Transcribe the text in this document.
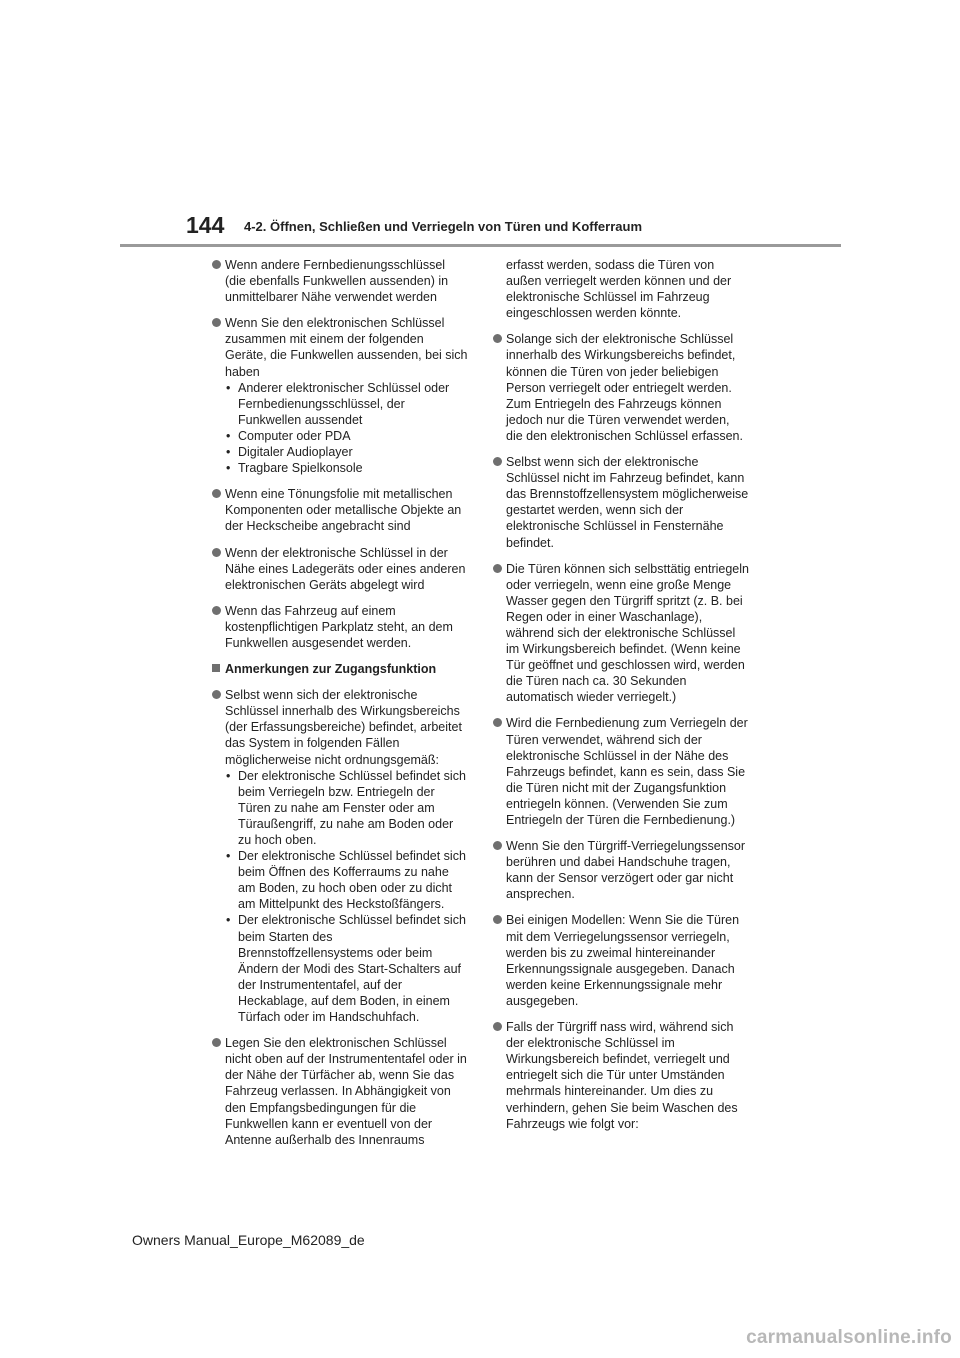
144 4-2. Öffnen, Schließen und Verriegeln von Türen und Kofferraum
Wenn andere Fernbedienungsschlüssel (die ebenfalls Funkwellen aussenden) in unmittelbarer Nähe verwendet werden
Wenn Sie den elektronischen Schlüssel zusammen mit einem der folgenden Geräte, die Funkwellen aussenden, bei sich haben
• Anderer elektronischer Schlüssel oder Fernbedienungsschlüssel, der Funkwellen aussendet
• Computer oder PDA
• Digitaler Audioplayer
• Tragbare Spielkonsole
Wenn eine Tönungsfolie mit metallischen Komponenten oder metallische Objekte an der Heckscheibe angebracht sind
Wenn der elektronische Schlüssel in der Nähe eines Ladegeräts oder eines anderen elektronischen Geräts abgelegt wird
Wenn das Fahrzeug auf einem kostenpflichtigen Parkplatz steht, an dem Funkwellen ausgesendet werden.
Anmerkungen zur Zugangsfunktion
Selbst wenn sich der elektronische Schlüssel innerhalb des Wirkungsbereichs (der Erfassungsbereiche) befindet, arbeitet das System in folgenden Fällen möglicherweise nicht ordnungsgemäß:
• Der elektronische Schlüssel befindet sich beim Verriegeln bzw. Entriegeln der Türen zu nahe am Fenster oder am Türaußengriff, zu nahe am Boden oder zu hoch oben.
• Der elektronische Schlüssel befindet sich beim Öffnen des Kofferraums zu nahe am Boden, zu hoch oben oder zu dicht am Mittelpunkt des Heckstoßfängers.
• Der elektronische Schlüssel befindet sich beim Starten des Brennstoffzellensystems oder beim Ändern der Modi des Start-Schalters auf der Instrumententafel, auf der Heckablage, auf dem Boden, in einem Türfach oder im Handschuhfach.
Legen Sie den elektronischen Schlüssel nicht oben auf der Instrumententafel oder in der Nähe der Türfächer ab, wenn Sie das Fahrzeug verlassen. In Abhängigkeit von den Empfangsbedingungen für die Funkwellen kann er eventuell von der Antenne außerhalb des Innenraums
erfasst werden, sodass die Türen von außen verriegelt werden können und der elektronische Schlüssel im Fahrzeug eingeschlossen werden könnte.
Solange sich der elektronische Schlüssel innerhalb des Wirkungsbereichs befindet, können die Türen von jeder beliebigen Person verriegelt oder entriegelt werden. Zum Entriegeln des Fahrzeugs können jedoch nur die Türen verwendet werden, die den elektronischen Schlüssel erfassen.
Selbst wenn sich der elektronische Schlüssel nicht im Fahrzeug befindet, kann das Brennstoffzellensystem möglicherweise gestartet werden, wenn sich der elektronische Schlüssel in Fensternähe befindet.
Die Türen können sich selbsttätig entriegeln oder verriegeln, wenn eine große Menge Wasser gegen den Türgriff spritzt (z. B. bei Regen oder in einer Waschanlage), während sich der elektronische Schlüssel im Wirkungsbereich befindet. (Wenn keine Tür geöffnet und geschlossen wird, werden die Türen nach ca. 30 Sekunden automatisch wieder verriegelt.)
Wird die Fernbedienung zum Verriegeln der Türen verwendet, während sich der elektronische Schlüssel in der Nähe des Fahrzeugs befindet, kann es sein, dass Sie die Türen nicht mit der Zugangsfunktion entriegeln können. (Verwenden Sie zum Entriegeln der Türen die Fernbedienung.)
Wenn Sie den Türgriff-Verriegelungssensor berühren und dabei Handschuhe tragen, kann der Sensor verzögert oder gar nicht ansprechen.
Bei einigen Modellen: Wenn Sie die Türen mit dem Verriegelungssensor verriegeln, werden bis zu zweimal hintereinander Erkennungssignale ausgegeben. Danach werden keine Erkennungssignale mehr ausgegeben.
Falls der Türgriff nass wird, während sich der elektronische Schlüssel im Wirkungsbereich befindet, verriegelt und entriegelt sich die Tür unter Umständen mehrmals hintereinander. Um dies zu verhindern, gehen Sie beim Waschen des Fahrzeugs wie folgt vor:
Owners Manual_Europe_M62089_de
carmanualsonline.info
